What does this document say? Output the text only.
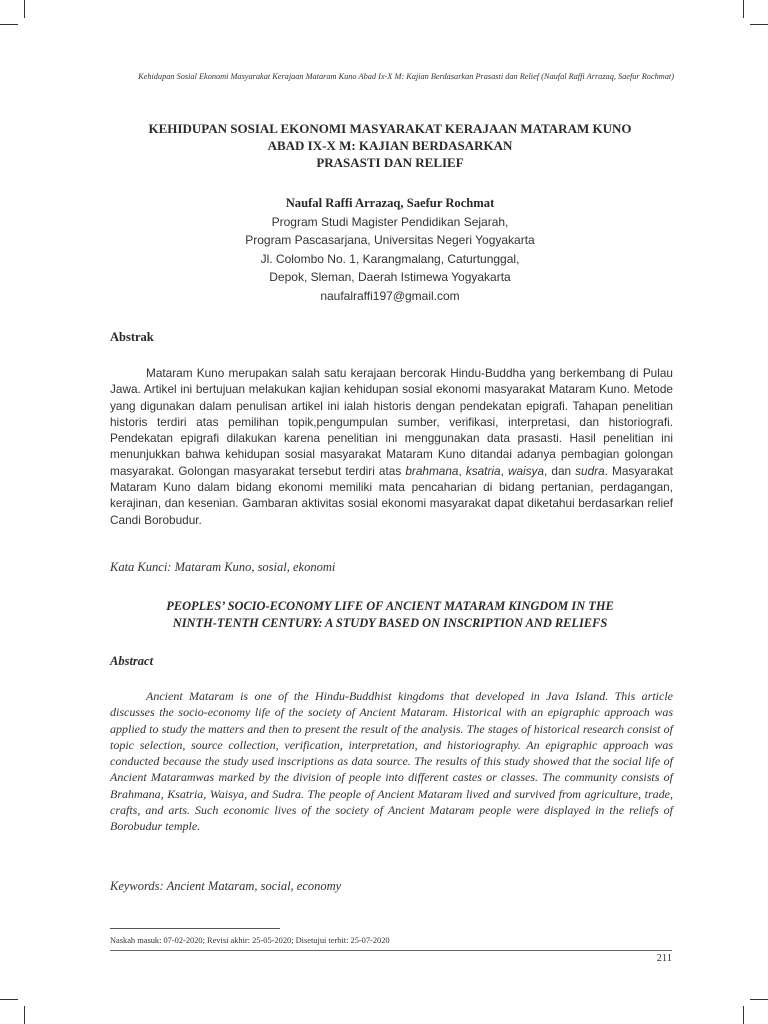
Kehidupan Sosial Ekonomi Masyarakat Kerajaan Mataram Kuno Abad Ix-X M: Kajian Berdasarkan Prasasti dan Relief (Naufal Raffi Arrazaq, Saefur Rochmat)
KEHIDUPAN SOSIAL EKONOMI MASYARAKAT KERAJAAN MATARAM KUNO
ABAD IX-X M: KAJIAN BERDASARKAN
PRASASTI DAN RELIEF
Naufal Raffi Arrazaq, Saefur Rochmat
Program Studi Magister Pendidikan Sejarah,
Program Pascasarjana, Universitas Negeri Yogyakarta
Jl. Colombo No. 1, Karangmalang, Caturtunggal,
Depok, Sleman, Daerah Istimewa Yogyakarta
naufalraffi197@gmail.com
Abstrak
Mataram Kuno merupakan salah satu kerajaan bercorak Hindu-Buddha yang berkembang di Pulau Jawa. Artikel ini bertujuan melakukan kajian kehidupan sosial ekonomi masyarakat Mataram Kuno. Metode yang digunakan dalam penulisan artikel ini ialah historis dengan pendekatan epigrafi. Tahapan penelitian historis terdiri atas pemilihan topik,pengumpulan sumber, verifikasi, interpretasi, dan historiografi. Pendekatan epigrafi dilakukan karena penelitian ini menggunakan data prasasti. Hasil penelitian ini menunjukkan bahwa kehidupan sosial masyarakat Mataram Kuno ditandai adanya pembagian golongan masyarakat. Golongan masyarakat tersebut terdiri atas brahmana, ksatria, waisya, dan sudra. Masyarakat Mataram Kuno dalam bidang ekonomi memiliki mata pencaharian di bidang pertanian, perdagangan, kerajinan, dan kesenian. Gambaran aktivitas sosial ekonomi masyarakat dapat diketahui berdasarkan relief Candi Borobudur.
Kata Kunci: Mataram Kuno, sosial, ekonomi
PEOPLES’ SOCIO-ECONOMY LIFE OF ANCIENT MATARAM KINGDOM IN THE
NINTH-TENTH CENTURY: A STUDY BASED ON INSCRIPTION AND RELIEFS
Abstract
Ancient Mataram is one of the Hindu-Buddhist kingdoms that developed in Java Island. This article discusses the socio-economy life of the society of Ancient Mataram. Historical with an epigraphic approach was applied to study the matters and then to present the result of the analysis. The stages of historical research consist of topic selection, source collection, verification, interpretation, and historiography. An epigraphic approach was conducted because the study used inscriptions as data source. The results of this study showed that the social life of Ancient Mataramwas marked by the division of people into different castes or classes. The community consists of Brahmana, Ksatria, Waisya, and Sudra. The people of Ancient Mataram lived and survived from agriculture, trade, crafts, and arts. Such economic lives of the society of Ancient Mataram people were displayed in the reliefs of Borobudur temple.
Keywords: Ancient Mataram, social, economy
Naskah masuk: 07-02-2020; Revisi akhir: 25-05-2020; Disetujui terbit: 25-07-2020
211
